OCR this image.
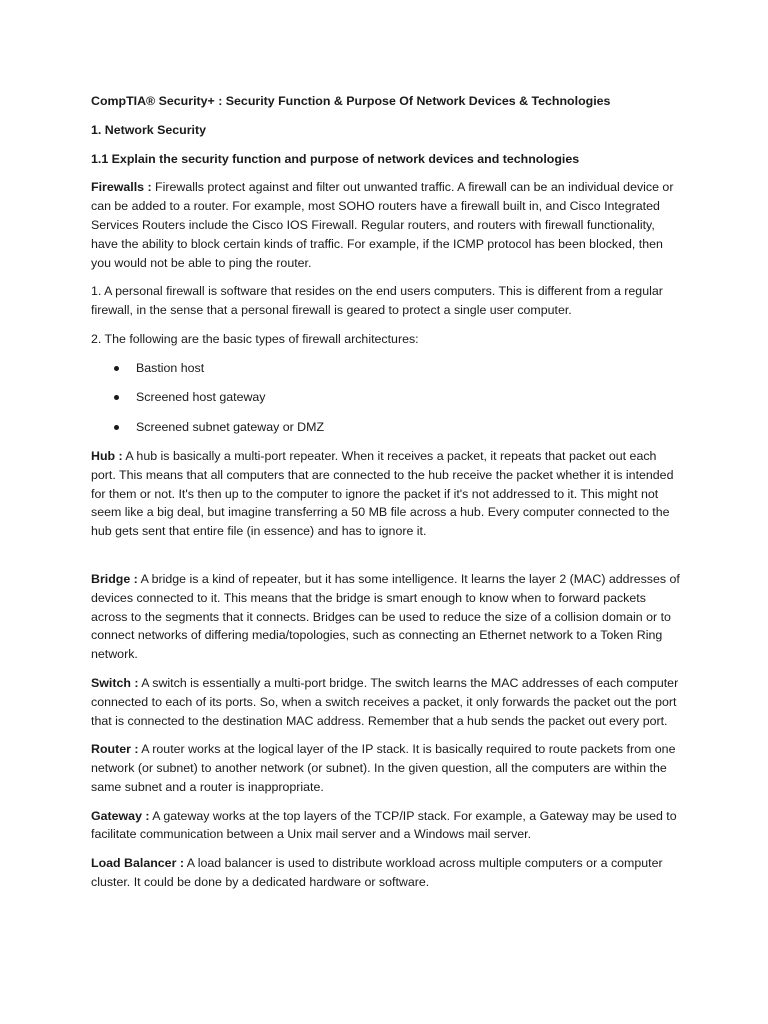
CompTIA® Security+ : Security Function & Purpose Of Network Devices & Technologies

1. Network Security

1.1 Explain the security function and purpose of network devices and technologies

Firewalls : Firewalls protect against and filter out unwanted traffic. A firewall can be an individual device or can be added to a router. For example, most SOHO routers have a firewall built in, and Cisco Integrated Services Routers include the Cisco IOS Firewall. Regular routers, and routers with firewall functionality, have the ability to block certain kinds of traffic. For example, if the ICMP protocol has been blocked, then you would not be able to ping the router.

1. A personal firewall is software that resides on the end users computers. This is different from a regular firewall, in the sense that a personal firewall is geared to protect a single user computer.

2. The following are the basic types of firewall architectures:

Bastion host
Screened host gateway
Screened subnet gateway or DMZ

Hub : A hub is basically a multi-port repeater. When it receives a packet, it repeats that packet out each port. This means that all computers that are connected to the hub receive the packet whether it is intended for them or not. It's then up to the computer to ignore the packet if it's not addressed to it. This might not seem like a big deal, but imagine transferring a 50 MB file across a hub. Every computer connected to the hub gets sent that entire file (in essence) and has to ignore it.

Bridge : A bridge is a kind of repeater, but it has some intelligence. It learns the layer 2 (MAC) addresses of devices connected to it. This means that the bridge is smart enough to know when to forward packets across to the segments that it connects. Bridges can be used to reduce the size of a collision domain or to connect networks of differing media/topologies, such as connecting an Ethernet network to a Token Ring network.

Switch : A switch is essentially a multi-port bridge. The switch learns the MAC addresses of each computer connected to each of its ports. So, when a switch receives a packet, it only forwards the packet out the port that is connected to the destination MAC address. Remember that a hub sends the packet out every port.

Router : A router works at the logical layer of the IP stack. It is basically required to route packets from one network (or subnet) to another network (or subnet). In the given question, all the computers are within the same subnet and a router is inappropriate.

Gateway : A gateway works at the top layers of the TCP/IP stack. For example, a Gateway may be used to facilitate communication between a Unix mail server and a Windows mail server.

Load Balancer : A load balancer is used to distribute workload across multiple computers or a computer cluster. It could be done by a dedicated hardware or software.
